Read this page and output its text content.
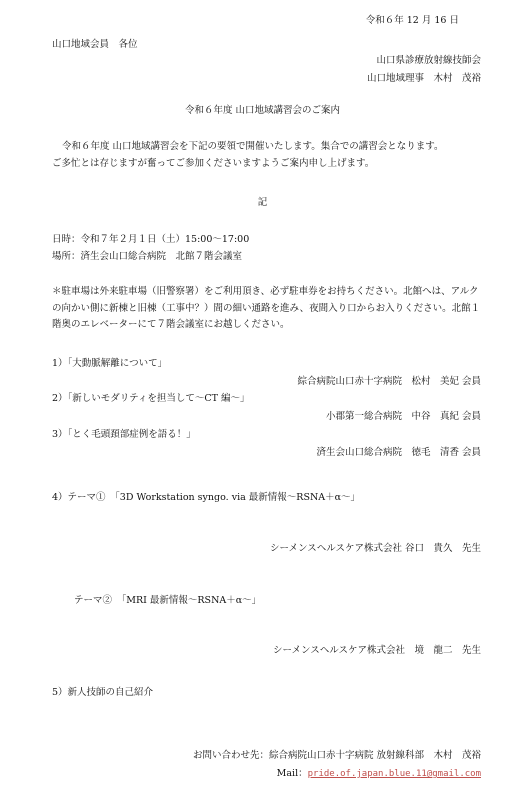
令和６年 12 月 16 日
山口地域会員　各位
山口県診療放射線技師会
山口地域理事　木村　茂裕
令和６年度 山口地域講習会のご案内
令和６年度 山口地域講習会を下記の要領で開催いたします。集合での講習会となります。
ご多忙とは存じますが奮ってご参加くださいますようご案内申し上げます。
記
日時：令和７年２月１日（土）15:00〜17:00
場所：済生会山口総合病院　北館７階会議室
＊駐車場は外来駐車場（旧警察署）をご利用頂き、必ず駐車券をお持ちください。北館へは、アルクの向かい側に新棟と旧棟（工事中？）間の細い通路を進み、夜間入り口からお入りください。北館１階奥のエレベーターにて７階会議室にお越しください。
1）「大動脈解離について」
綜合病院山口赤十字病院　松村　美妃 会員
2）「新しいモダリティを担当して〜CT 編〜」
小郡第一総合病院　中谷　真紀 会員
3）「とく毛頭頚部症例を語る！」
済生会山口総合病院　徳毛　清香 会員
4）テーマ①　「3D Workstation syngo. via 最新情報〜RSNA＋α〜」
シーメンスヘルスケア株式会社 谷口　貴久　先生
テーマ②　「MRI 最新情報〜RSNA＋α〜」
シーメンスヘルスケア株式会社　境　龍二　先生
5）新人技師の自己紹介
お問い合わせ先：綜合病院山口赤十字病院 放射線科部　木村　茂裕
Mail：pride.of.japan.blue.11@gmail.com
